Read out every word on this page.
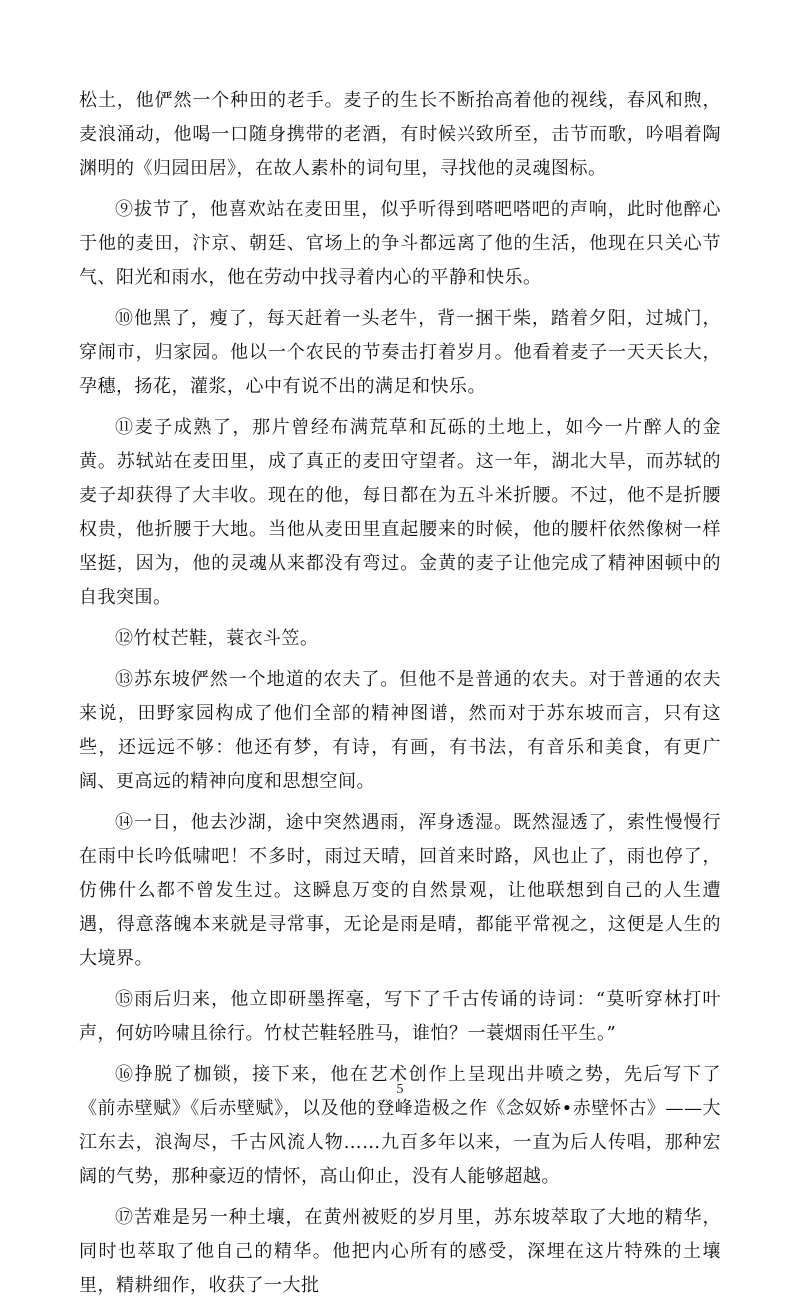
松土，他俨然一个种田的老手。麦子的生长不断抬高着他的视线，春风和煦，麦浪涌动，他喝一口随身携带的老酒，有时候兴致所至，击节而歌，吟唱着陶渊明的《归园田居》，在故人素朴的词句里，寻找他的灵魂图标。

⑨拔节了，他喜欢站在麦田里，似乎听得到嗒吧嗒吧的声响，此时他醉心于他的麦田，汴京、朝廷、官场上的争斗都远离了他的生活，他现在只关心节气、阳光和雨水，他在劳动中找寻着内心的平静和快乐。

⑩他黑了，瘦了，每天赶着一头老牛，背一捆干柴，踏着夕阳，过城门，穿闹市，归家园。他以一个农民的节奏击打着岁月。他看着麦子一天天长大，孕穗，扬花，灌浆，心中有说不出的满足和快乐。

⑪麦子成熟了，那片曾经布满荒草和瓦砾的土地上，如今一片醉人的金黄。苏轼站在麦田里，成了真正的麦田守望者。这一年，湖北大旱，而苏轼的麦子却获得了大丰收。现在的他，每日都在为五斗米折腰。不过，他不是折腰权贵，他折腰于大地。当他从麦田里直起腰来的时候，他的腰杆依然像树一样坚挺，因为，他的灵魂从来都没有弯过。金黄的麦子让他完成了精神困顿中的自我突围。

⑫竹杖芒鞋，蓑衣斗笠。

⑬苏东坡俨然一个地道的农夫了。但他不是普通的农夫。对于普通的农夫来说，田野家园构成了他们全部的精神图谱，然而对于苏东坡而言，只有这些，还远远不够：他还有梦，有诗，有画，有书法，有音乐和美食，有更广阔、更高远的精神向度和思想空间。

⑭一日，他去沙湖，途中突然遇雨，浑身透湿。既然湿透了，索性慢慢行在雨中长吟低啸吧！不多时，雨过天晴，回首来时路，风也止了，雨也停了，仿佛什么都不曾发生过。这瞬息万变的自然景观，让他联想到自己的人生遭遇，得意落魄本来就是寻常事，无论是雨是晴，都能平常视之，这便是人生的大境界。

⑮雨后归来，他立即研墨挥毫，写下了千古传诵的诗词：“莫听穿林打叶声，何妨吟啸且徐行。竹杖芒鞋轻胜马，谁怕？一蓑烟雨任平生。”

⑯挣脱了枷锁，接下来，他在艺术创作上呈现出井喷之势，先后写下了《前赤壁赋》《后赤壁赋》，以及他的登峰造极之作《念奴娇•赤壁怀古》——大江东去，浪淘尽，千古风流人物……九百多年以来，一直为后人传唱，那种宏阔的气势，那种豪迈的情怀，高山仰止，没有人能够超越。

⑰苦难是另一种土壤，在黄州被贬的岁月里，苏东坡萃取了大地的精华，同时也萃取了他自己的精华。他把内心所有的感受，深埋在这片特殊的土壤里，精耕细作，收获了一大批

5
